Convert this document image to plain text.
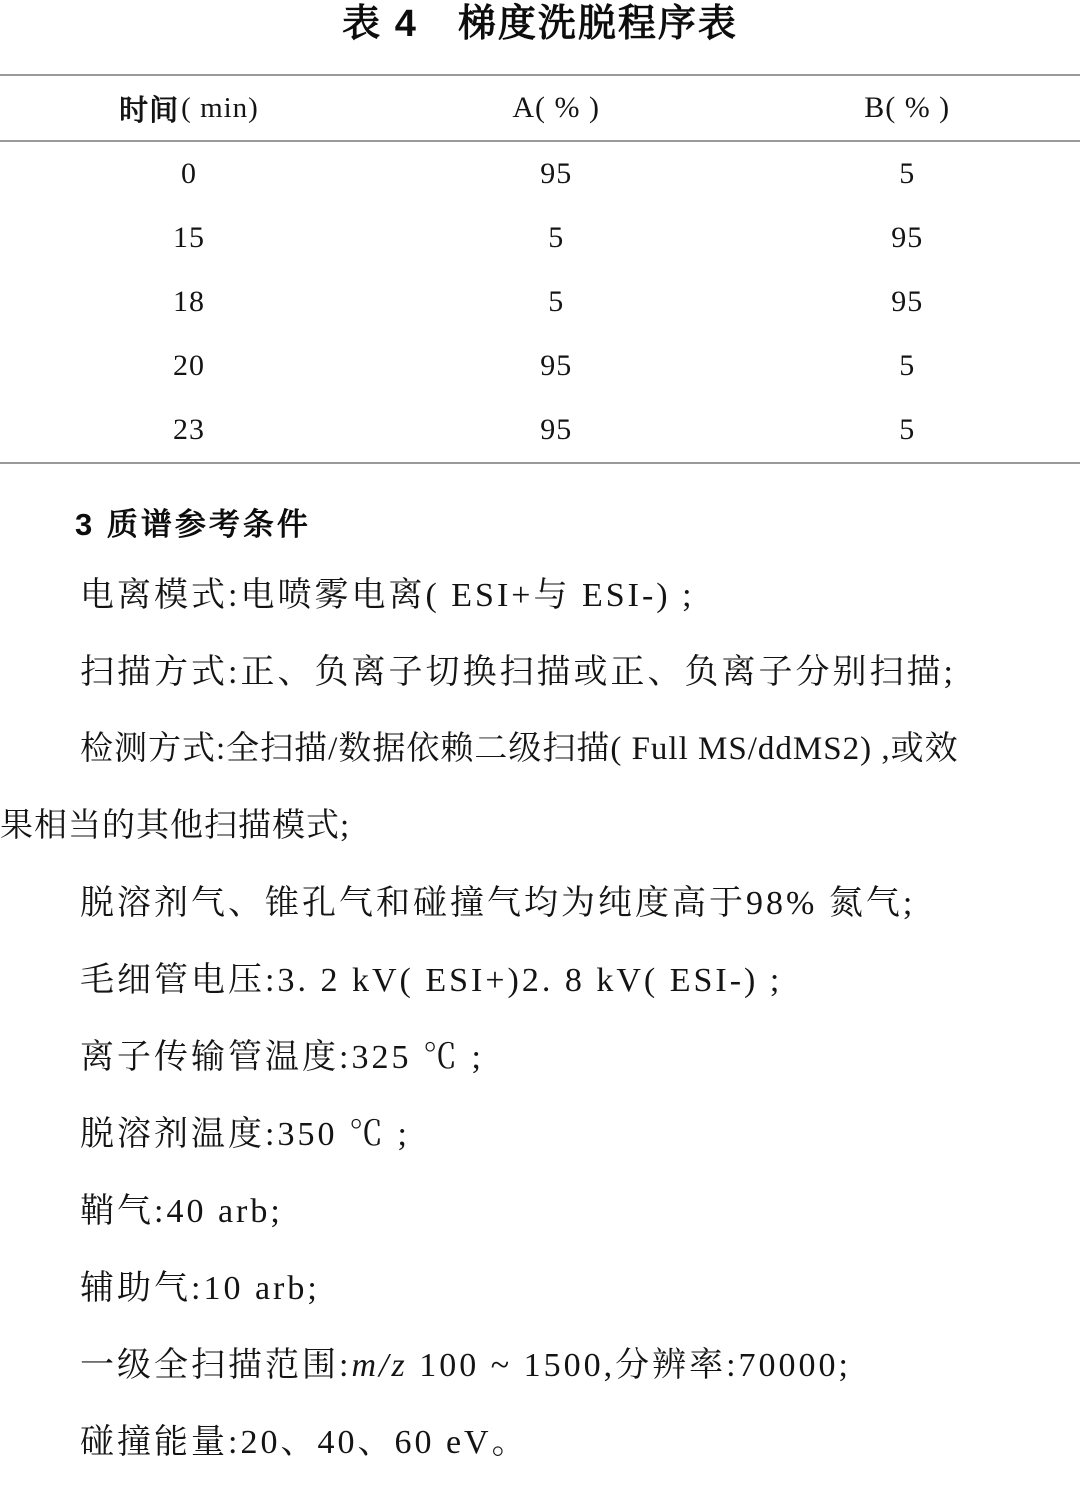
表 4　梯度洗脱程序表
时间 ( min)	A( % )	B( % )
0	95	5
15	5	95
18	5	95
20	95	5
23	95	5
3 质谱参考条件

电离模式:电喷雾电离( ESI+与 ESI-) ;

扫描方式:正、负离子切换扫描或正、负离子分别扫描;

检测方式:全扫描/数据依赖二级扫描( Full MS/ddMS2) ,或效
果相当的其他扫描模式;

脱溶剂气、锥孔气和碰撞气均为纯度高于98% 氮气;

毛细管电压:3. 2 kV( ESI+)2. 8 kV( ESI-) ;

离子传输管温度:325 ℃ ;

脱溶剂温度:350 ℃ ;

鞘气:40 arb;

辅助气:10 arb;

一级全扫描范围:m/z 100 ~ 1500,分辨率:70000;

碰撞能量:20、40、60 eV。
